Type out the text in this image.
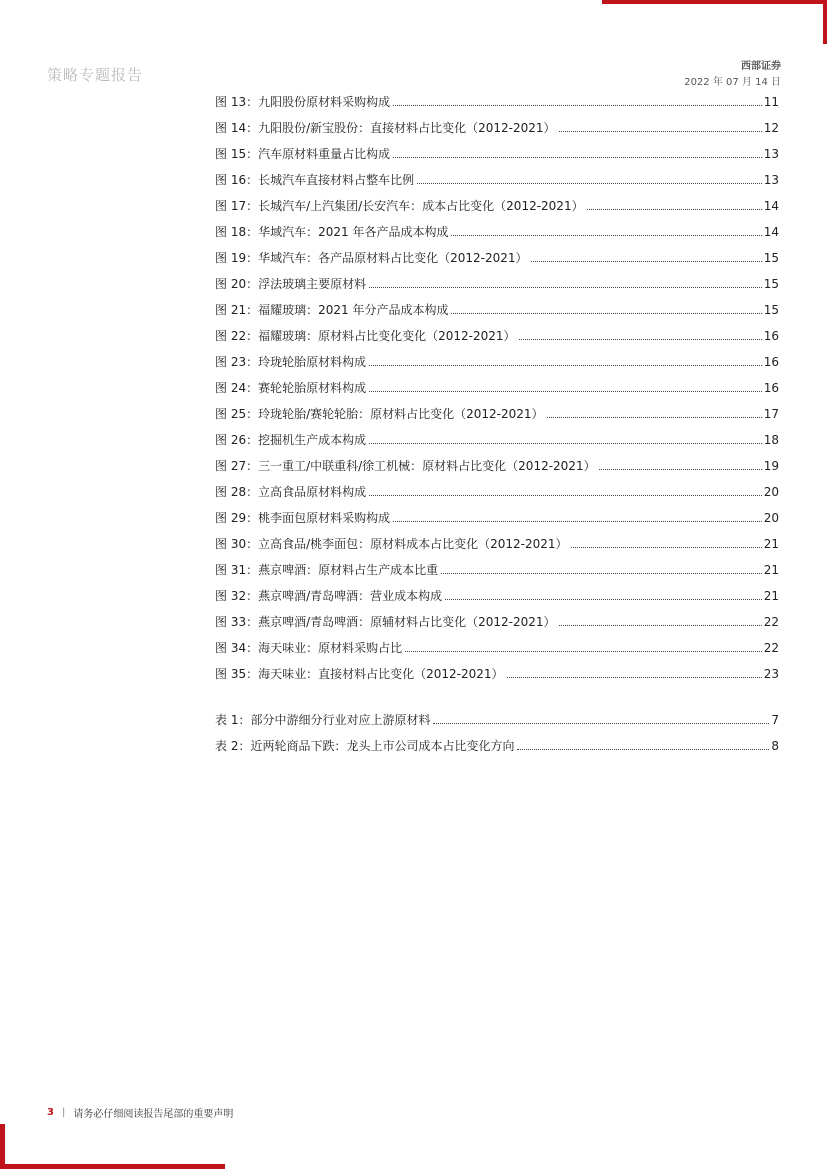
策略专题报告	西部证券
2022 年 07 月 14 日
图 13：九阳股份原材料采购构成	11
图 14：九阳股份/新宝股份：直接材料占比变化（2012-2021）	12
图 15：汽车原材料重量占比构成	13
图 16：长城汽车直接材料占整车比例	13
图 17：长城汽车/上汽集团/长安汽车：成本占比变化（2012-2021）	14
图 18：华域汽车：2021 年各产品成本构成	14
图 19：华域汽车：各产品原材料占比变化（2012-2021）	15
图 20：浮法玻璃主要原材料	15
图 21：福耀玻璃：2021 年分产品成本构成	15
图 22：福耀玻璃：原材料占比变化变化（2012-2021）	16
图 23：玲珑轮胎原材料构成	16
图 24：赛轮轮胎原材料构成	16
图 25：玲珑轮胎/赛轮轮胎：原材料占比变化（2012-2021）	17
图 26：挖掘机生产成本构成	18
图 27：三一重工/中联重科/徐工机械：原材料占比变化（2012-2021）	19
图 28：立高食品原材料构成	20
图 29：桃李面包原材料采购构成	20
图 30：立高食品/桃李面包：原材料成本占比变化（2012-2021）	21
图 31：燕京啤酒：原材料占生产成本比重	21
图 32：燕京啤酒/青岛啤酒：营业成本构成	21
图 33：燕京啤酒/青岛啤酒：原辅材料占比变化（2012-2021）	22
图 34：海天味业：原材料采购占比	22
图 35：海天味业：直接材料占比变化（2012-2021）	23
表 1：部分中游细分行业对应上游原材料	7
表 2：近两轮商品下跌：龙头上市公司成本占比变化方向	8
3 | 请务必仔细阅读报告尾部的重要声明
